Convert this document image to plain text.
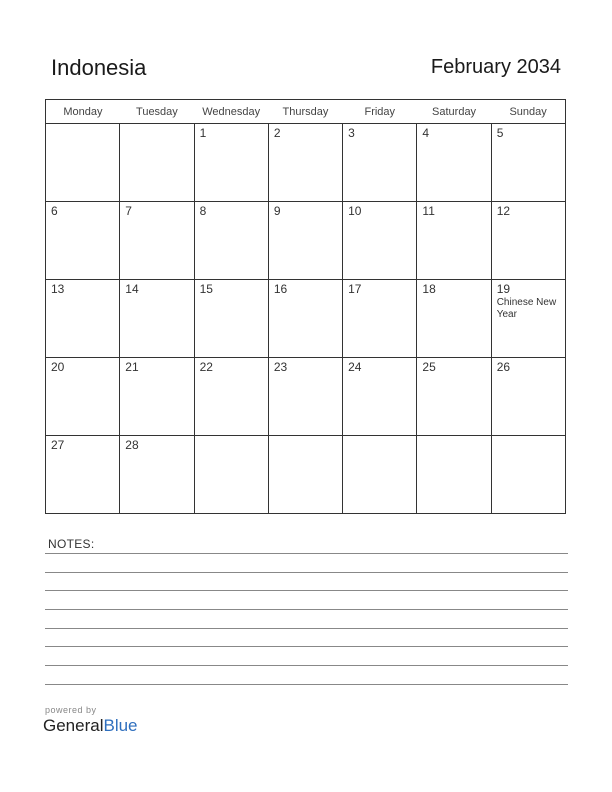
Indonesia	February 2034
Monday	Tuesday	Wednesday	Thursday	Friday	Saturday	Sunday

		1	2	3	4	5

6	7	8	9	10	11	12

13	14	15	16	17	18	19
Chinese New Year

20	21	22	23	24	25	26

27	28					

NOTES:
powered by
GeneralBlue
